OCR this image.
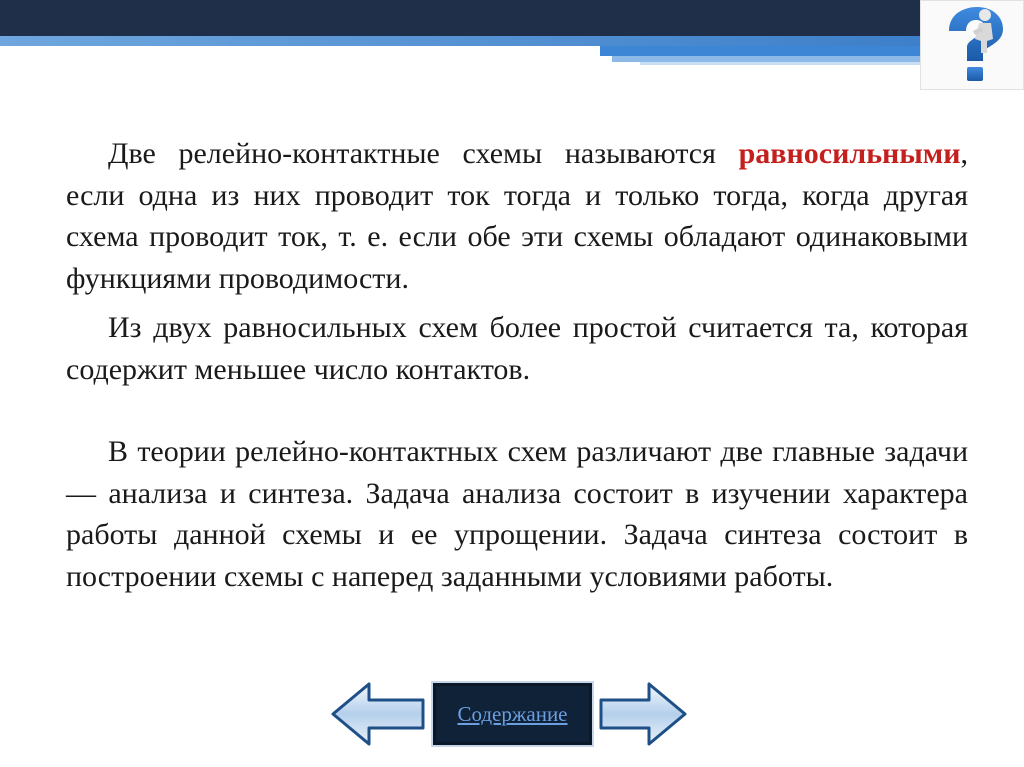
Две релейно-контактные схемы называются равносильными, если одна из них проводит ток тогда и только тогда, когда другая схема проводит ток, т. е. если обе эти схемы обладают одинаковыми функциями проводимости.

Из двух равносильных схем более простой считается та, которая содержит меньшее число контактов.

В теории релейно-контактных схем различают две главные задачи — анализа и синтеза. Задача анализа состоит в изучении характера работы данной схемы и ее упрощении. Задача синтеза состоит в построении схемы с наперед заданными условиями работы.

Содержание
